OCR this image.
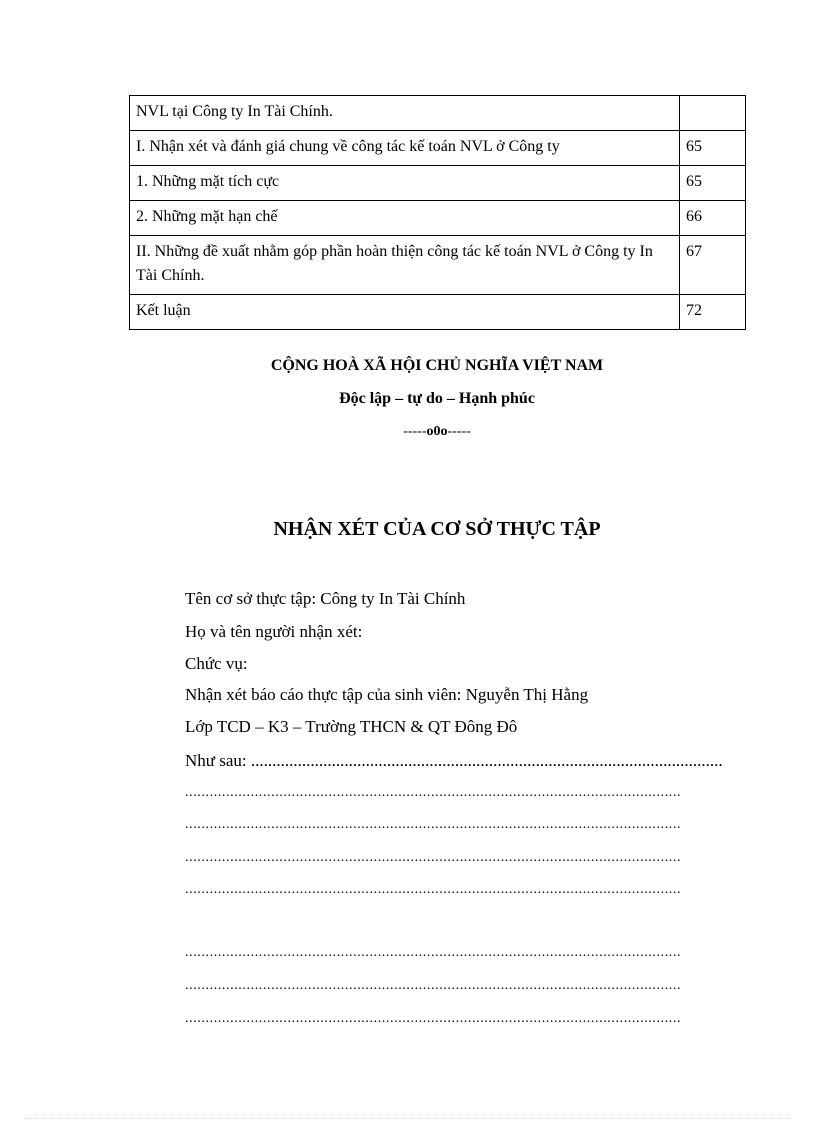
NVL tại Công ty In Tài Chính.	
I. Nhận xét và đánh giá chung về công tác kế toán NVL ở Công ty	65
1. Những mặt tích cực	65
2. Những mặt hạn chế	66
II. Những đề xuất nhằm góp phần hoàn thiện công tác kế toán NVL ở Công ty In Tài Chính.	67
Kết luận	72
CỘNG HOÀ XÃ HỘI CHỦ NGHĨA VIỆT NAM
Độc lập – tự do – Hạnh phúc
-----o0o-----
NHẬN XÉT CỦA CƠ SỞ THỰC TẬP
Tên cơ sở thực tập: Công ty In Tài Chính
Họ và tên người nhận xét:
Chức vụ:
Nhận xét báo cáo thực tập của sinh viên: Nguyễn Thị Hằng
Lớp TCD – K3 – Trường THCN & QT Đông Đô
Như sau: ...............................................................................................................
.........................................................................................................................
.........................................................................................................................
.........................................................................................................................
.........................................................................................................................
.........................................................................................................................
.........................................................................................................................
.........................................................................................................................
